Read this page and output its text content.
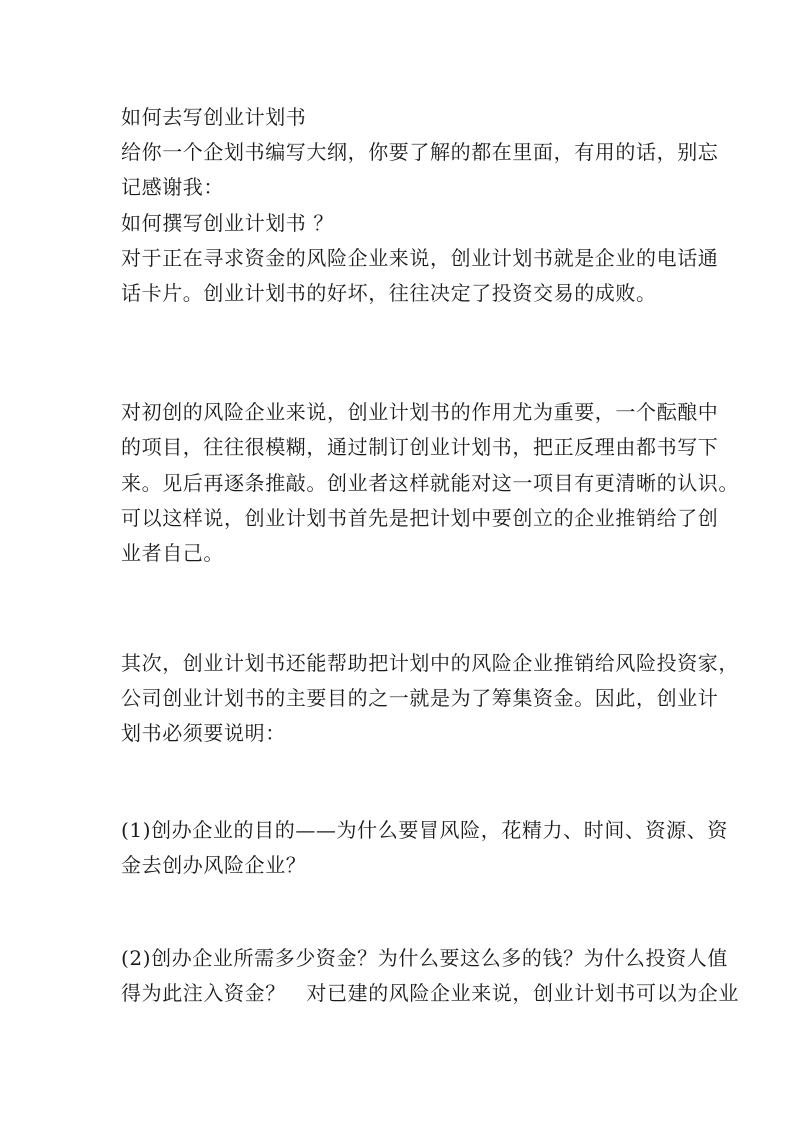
如何去写创业计划书
给你一个企划书编写大纲，你要了解的都在里面，有用的话，别忘
记感谢我：
如何撰写创业计划书 ？
对于正在寻求资金的风险企业来说，创业计划书就是企业的电话通
话卡片。创业计划书的好坏，往往决定了投资交易的成败。
对初创的风险企业来说，创业计划书的作用尤为重要，一个酝酿中
的项目，往往很模糊，通过制订创业计划书，把正反理由都书写下
来。见后再逐条推敲。创业者这样就能对这一项目有更清晰的认识。
可以这样说，创业计划书首先是把计划中要创立的企业推销给了创
业者自己。
其次，创业计划书还能帮助把计划中的风险企业推销给风险投资家，
公司创业计划书的主要目的之一就是为了筹集资金。因此，创业计
划书必须要说明：
(1)创办企业的目的——为什么要冒风险，花精力、时间、资源、资
金去创办风险企业？
(2)创办企业所需多少资金？为什么要这么多的钱？为什么投资人值
得为此注入资金？　对已建的风险企业来说，创业计划书可以为企业
